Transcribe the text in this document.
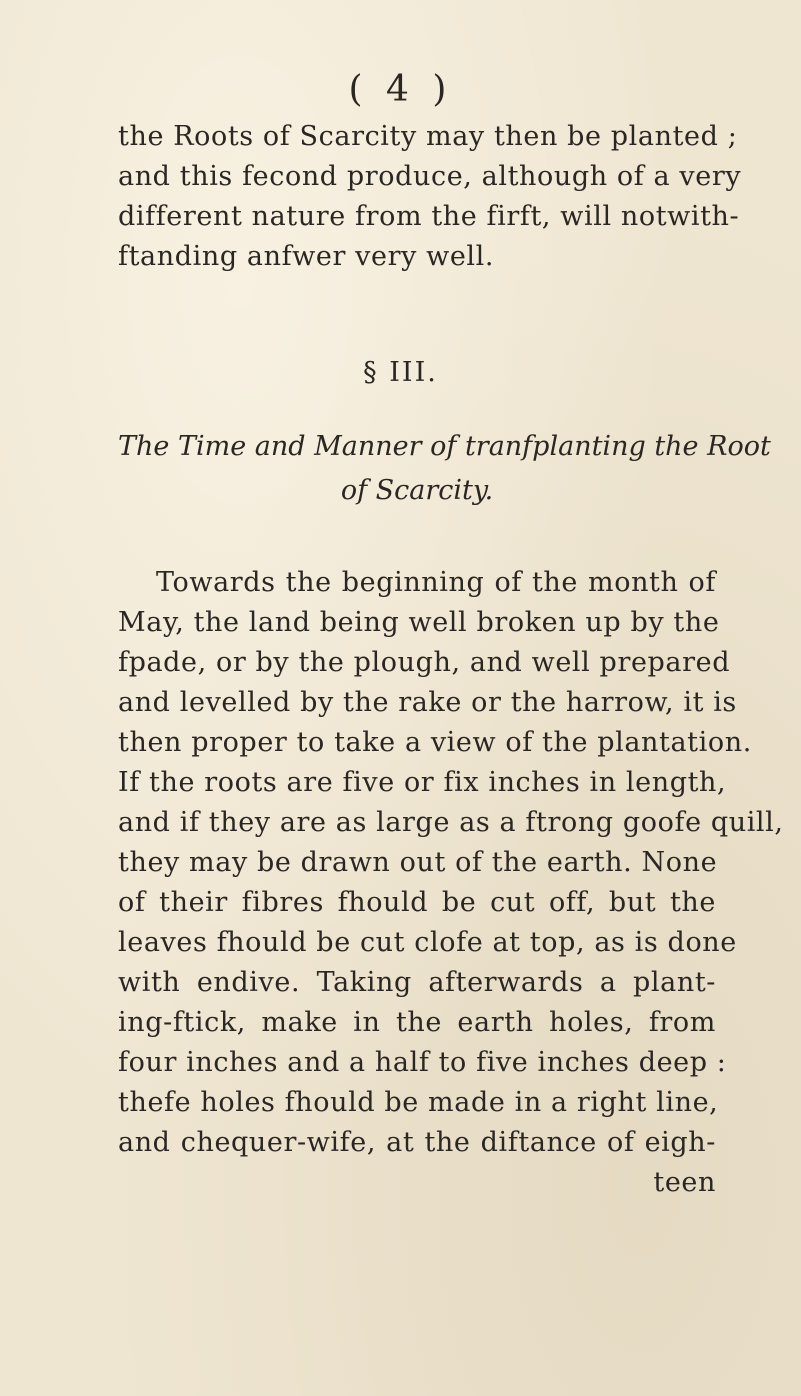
( 4 )
the Roots of Scarcity may then be planted ;
and this fecond produce, although of a very
different nature from the firft, will notwith-
ftanding anfwer very well.
§ III.
The Time and Manner of tranfplanting the Root
of Scarcity.
Towards the beginning of the month of
May, the land being well broken up by the
fpade, or by the plough, and well prepared
and levelled by the rake or the harrow, it is
then proper to take a view of the plantation.
If the roots are five or fix inches in length,
and if they are as large as a ftrong goofe quill,
they may be drawn out of the earth. None
of their fibres fhould be cut off, but the
leaves fhould be cut clofe at top, as is done
with endive. Taking afterwards a plant-
ing-ftick, make in the earth holes, from
four inches and a half to five inches deep :
thefe holes fhould be made in a right line,
and chequer-wife, at the diftance of eigh-
teen
